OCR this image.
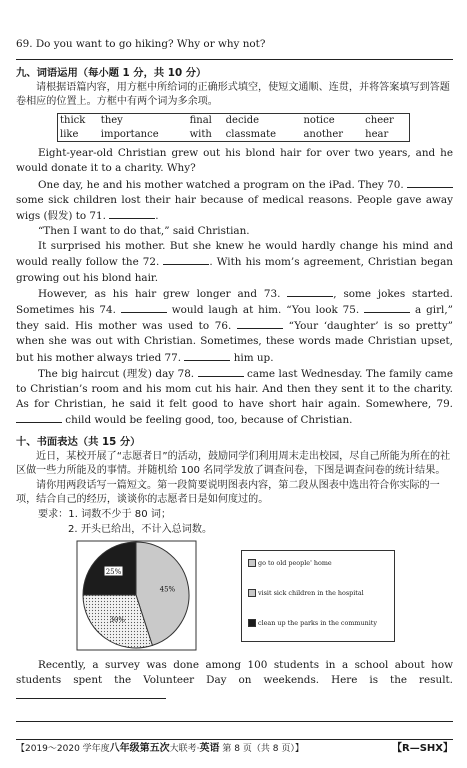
69. Do you want to go hiking? Why or why not?

九、词语运用（每小题 1 分，共 10 分）
请根据语篇内容，用方框中所给词的正确形式填空，使短文通顺、连贯，并将答案填写到答题卷相应的位置上。方框中有两个词为多余项。
thick	they	final	decide	notice	cheer
like	importance	with	classmate	another	hear

Eight-year-old Christian grew out his blond hair for over two years, and he would donate it to a charity. Why?

One day, he and his mother watched a program on the iPad. They 70.  some sick children lost their hair because of medical reasons. People gave away wigs (假发) to 71.	.

“Then I want to do that,” said Christian.

It surprised his mother. But she knew he would hardly change his mind and would really follow the 72.	. With his mom’s agreement, Christian began growing out his blond hair.

However, as his hair grew longer and 73.	, some jokes started. Sometimes his 74.	would laugh at him. “You look 75.	a girl,” they said. His mother was used to 76.	“Your ‘daughter’ is so pretty” when she was out with Christian. Sometimes, these words made Christian upset, but his mother always tried 77.	him up.

The big haircut (理发) day 78.	came last Wednesday. The family came to Christian’s room and his mom cut his hair. And then they sent it to the charity. As for Christian, he said it felt good to have short hair again. Somewhere, 79.  child would be feeling good, too, because of Christian.

十、书面表达（共 15 分）
近日，某校开展了“志愿者日”的活动，鼓励同学们利用周末走出校园，尽自己所能为所在的社区做一些力所能及的事情。并随机给 100 名同学发放了调查问卷，下图是调查问卷的统计结果。
请你用两段话写一篇短文。第一段简要说明图表内容，第二段从图表中选出符合你实际的一项，结合自己的经历，谈谈你的志愿者日是如何度过的。
要求：1. 词数不少于 80 词；
2. 开头已给出，不计入总词数。
45%
30%
25%
go to old people' home
visit sick children in the hospital
clean up the parks in the community

Recently, a survey was done among 100 students in a school about how students spent the Volunteer Day on weekends. Here is the result.

【2019～2020 学年度八年级第五次大联考·英语 第 8 页（共 8 页）】	【R—SHX】
